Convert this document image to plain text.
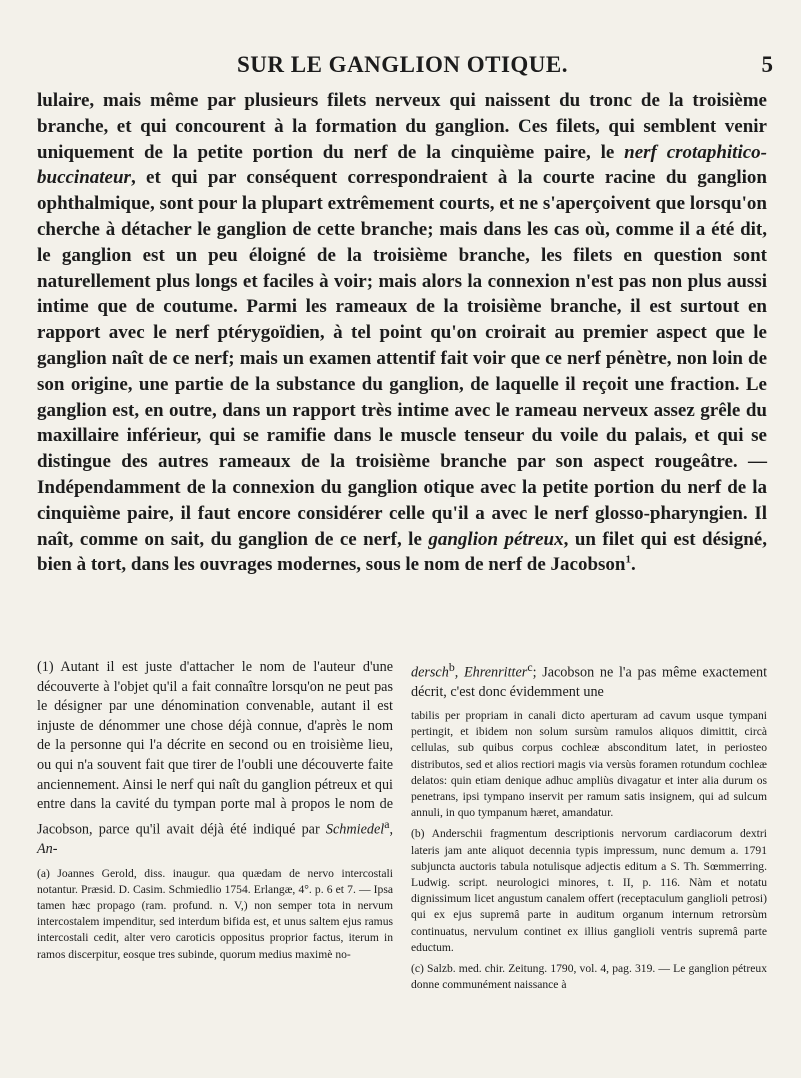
SUR LE GANGLION OTIQUE.	5

lulaire, mais même par plusieurs filets nerveux qui naissent du tronc de la troisième branche, et qui concourent à la formation du ganglion. Ces filets, qui semblent venir uniquement de la petite portion du nerf de la cinquième paire, le nerf crotaphitico-buccinateur, et qui par conséquent correspondraient à la courte racine du ganglion ophthalmique, sont pour la plupart extrêmement courts, et ne s'aperçoivent que lorsqu'on cherche à détacher le ganglion de cette branche; mais dans les cas où, comme il a été dit, le ganglion est un peu éloigné de la troisième branche, les filets en question sont naturellement plus longs et faciles à voir; mais alors la connexion n'est pas non plus aussi intime que de coutume. Parmi les rameaux de la troisième branche, il est surtout en rapport avec le nerf ptérygoïdien, à tel point qu'on croirait au premier aspect que le ganglion naît de ce nerf; mais un examen attentif fait voir que ce nerf pénètre, non loin de son origine, une partie de la substance du ganglion, de laquelle il reçoit une fraction. Le ganglion est, en outre, dans un rapport très intime avec le rameau nerveux assez grêle du maxillaire inférieur, qui se ramifie dans le muscle tenseur du voile du palais, et qui se distingue des autres rameaux de la troisième branche par son aspect rougeâtre. — Indépendamment de la connexion du ganglion otique avec la petite portion du nerf de la cinquième paire, il faut encore considérer celle qu'il a avec le nerf glosso-pharyngien. Il naît, comme on sait, du ganglion de ce nerf, le ganglion pétreux, un filet qui est désigné, bien à tort, dans les ouvrages modernes, sous le nom de nerf de Jacobson$^1$.

(1) Autant il est juste d'attacher le nom de l'auteur d'une découverte à l'objet qu'il a fait connaître lorsqu'on ne peut pas le désigner par une dénomination convenable, autant il est injuste de dénommer une chose déjà connue, d'après le nom de la personne qui l'a décrite en second ou en troisième lieu, ou qui n'a souvent fait que tirer de l'oubli une découverte faite anciennement. Ainsi le nerf qui naît du ganglion pétreux et qui entre dans la cavité du tympan porte mal à propos le nom de Jacobson, parce qu'il avait déjà été indiqué par Schmiedel$^a$, An-

(a) Joannes Gerold, diss. inaugur. qua quædam de nervo intercostali notantur. Præsid. D. Casim. Schmiedlio 1754. Erlangæ, 4°. p. 6 et 7. — Ipsa tamen hæc propago (ram. profund. n. V,) non semper tota in nervum intercostalem impenditur, sed interdum bifida est, et unus saltem ejus ramus intercostali cedit, alter vero caroticis oppositus proprior factus, iterum in ramos discerpitur, eosque tres subinde, quorum medius maximè no-

dersch$^b$, Ehrenritter$^c$; Jacobson ne l'a pas même exactement décrit, c'est donc évidemment une

tabilis per propriam in canali dicto aperturam ad cavum usque tympani pertingit, et ibidem non solum sursùm ramulos aliquos dimittit, circà cellulas, sub quibus corpus cochleæ absconditum latet, in periosteo distributos, sed et alios rectiori magis via versùs foramen rotundum cochleæ delatos: quin etiam denique adhuc ampliùs divagatur et inter alia durum os penetrans, ipsi tympano inservit per ramum satis insignem, qui ad sulcum annuli, in quo tympanum hæret, amandatur.

(b) Anderschii fragmentum descriptionis nervorum cardiacorum dextri lateris jam ante aliquot decennia typis impressum, nunc demum a. 1791 subjuncta auctoris tabula notulisque adjectis editum a S. Th. Sœmmerring. Ludwig. script. neurologici minores, t. II, p. 116. Nàm et notatu dignissimum licet angustum canalem offert (receptaculum ganglioli petrosi) qui ex ejus supremâ parte in auditum organum internum retrorsùm continuatus, nervulum continet ex illius ganglioli ventris supremâ parte eductum.

(c) Salzb. med. chir. Zeitung. 1790, vol. 4, pag. 319. — Le ganglion pétreux donne communément naissance à
